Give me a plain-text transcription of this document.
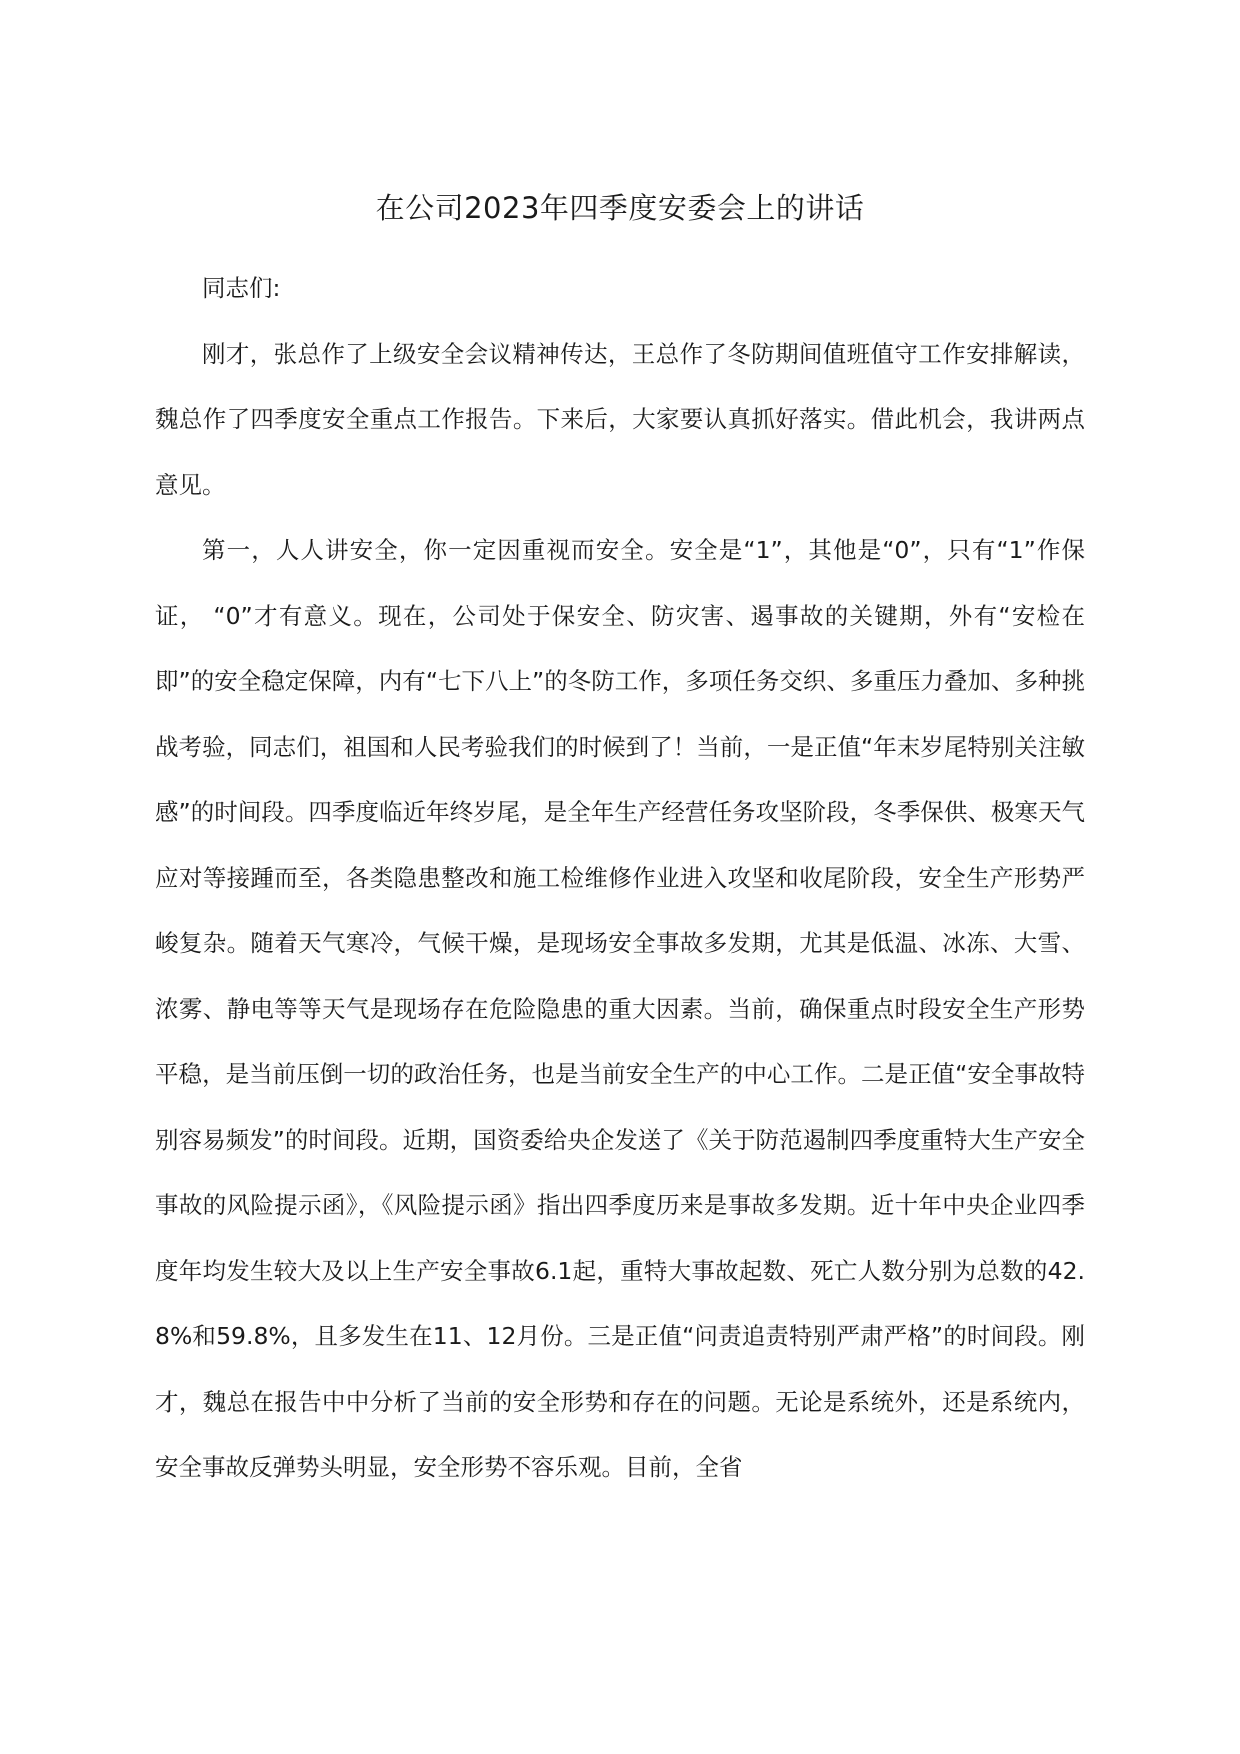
在公司2023年四季度安委会上的讲话

同志们:

刚才，张总作了上级安全会议精神传达，王总作了冬防期间值班值守工作安排解读，魏总作了四季度安全重点工作报告。下来后，大家要认真抓好落实。借此机会，我讲两点意见。

第一，人人讲安全，你一定因重视而安全。安全是“1”，其他是“0”，只有“1”作保证， “0”才有意义。现在，公司处于保安全、防灾害、遏事故的关键期，外有“安检在即”的安全稳定保障，内有“七下八上”的冬防工作，多项任务交织、多重压力叠加、多种挑战考验，同志们，祖国和人民考验我们的时候到了！当前，一是正值“年末岁尾特别关注敏感”的时间段。四季度临近年终岁尾，是全年生产经营任务攻坚阶段，冬季保供、极寒天气应对等接踵而至，各类隐患整改和施工检维修作业进入攻坚和收尾阶段，安全生产形势严峻复杂。随着天气寒冷，气候干燥，是现场安全事故多发期，尤其是低温、冰冻、大雪、浓雾、静电等等天气是现场存在危险隐患的重大因素。当前，确保重点时段安全生产形势平稳，是当前压倒一切的政治任务，也是当前安全生产的中心工作。二是正值“安全事故特别容易频发”的时间段。近期，国资委给央企发送了《关于防范遏制四季度重特大生产安全事故的风险提示函》，《风险提示函》指出四季度历来是事故多发期。近十年中央企业四季度年均发生较大及以上生产安全事故6.1起，重特大事故起数、死亡人数分别为总数的42.8%和59.8%，且多发生在11、12月份。三是正值“问责追责特别严肃严格”的时间段。刚才，魏总在报告中中分析了当前的安全形势和存在的问题。无论是系统外，还是系统内，安全事故反弹势头明显，安全形势不容乐观。目前，全省
